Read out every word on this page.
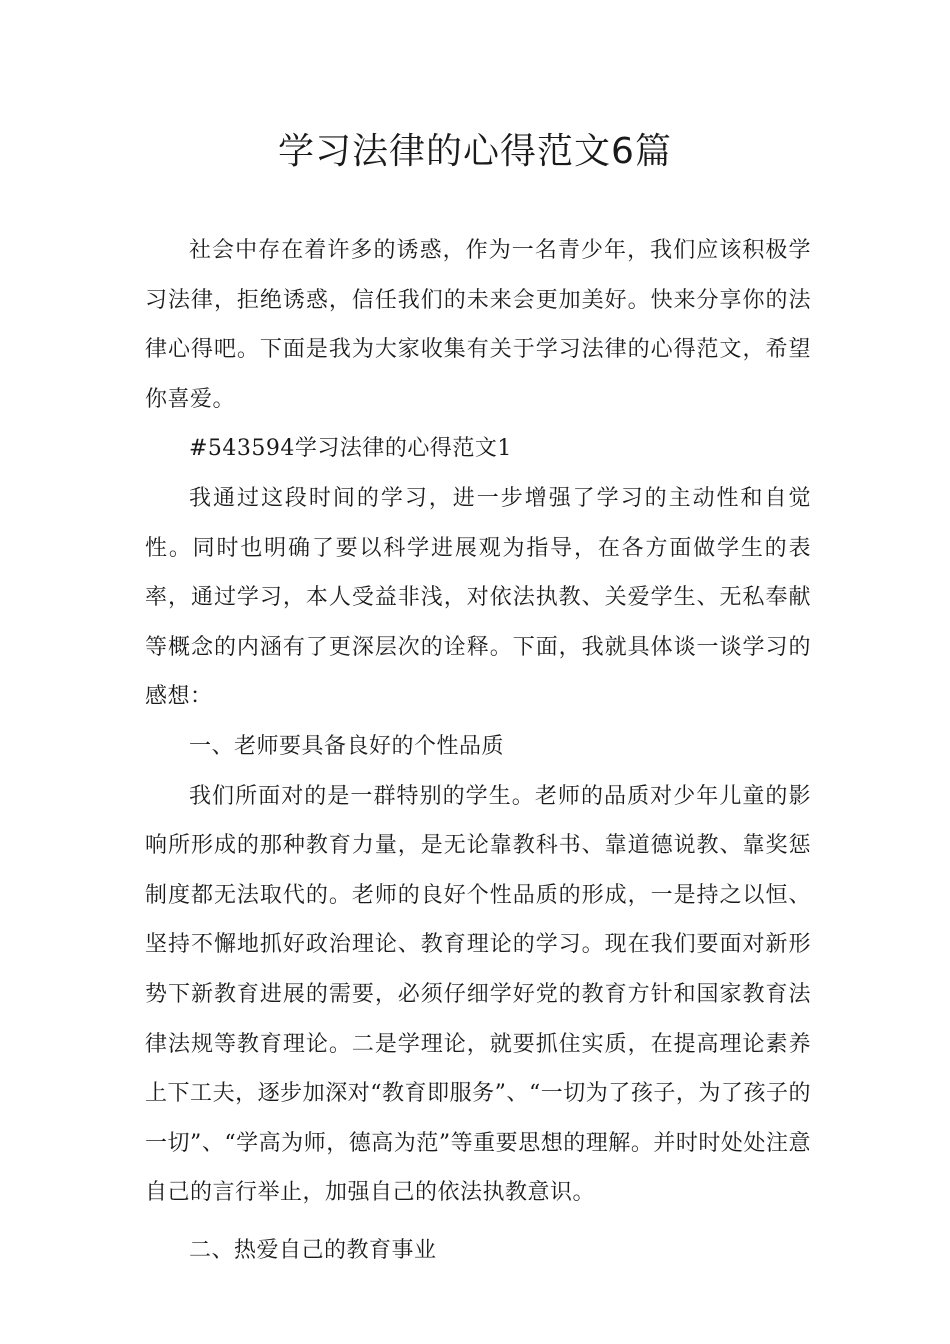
学习法律的心得范文6篇

社会中存在着许多的诱惑，作为一名青少年，我们应该积极学习法律，拒绝诱惑，信任我们的未来会更加美好。快来分享你的法律心得吧。下面是我为大家收集有关于学习法律的心得范文，希望你喜爱。

#543594学习法律的心得范文1

我通过这段时间的学习，进一步增强了学习的主动性和自觉性。同时也明确了要以科学进展观为指导，在各方面做学生的表率，通过学习，本人受益非浅，对依法执教、关爱学生、无私奉献等概念的内涵有了更深层次的诠释。下面，我就具体谈一谈学习的感想：

一、老师要具备良好的个性品质

我们所面对的是一群特别的学生。老师的品质对少年儿童的影响所形成的那种教育力量，是无论靠教科书、靠道德说教、靠奖惩制度都无法取代的。老师的良好个性品质的形成，一是持之以恒、坚持不懈地抓好政治理论、教育理论的学习。现在我们要面对新形势下新教育进展的需要，必须仔细学好党的教育方针和国家教育法律法规等教育理论。二是学理论，就要抓住实质，在提高理论素养上下工夫，逐步加深对“教育即服务”、“一切为了孩子，为了孩子的一切”、“学高为师，德高为范”等重要思想的理解。并时时处处注意自己的言行举止，加强自己的依法执教意识。

二、热爱自己的教育事业
